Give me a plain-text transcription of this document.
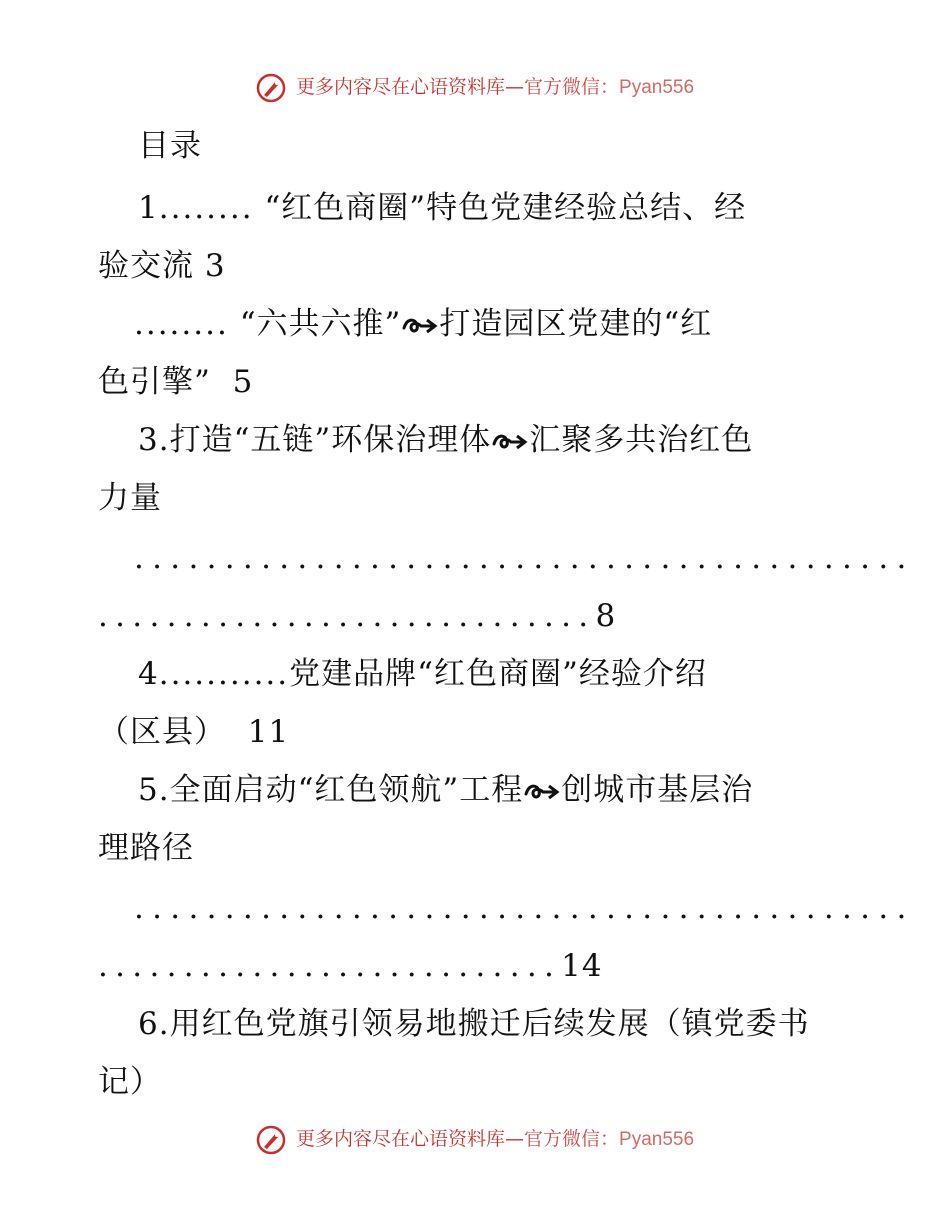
更多内容尽在心语资料库—官方微信：Pyan556
目录
1........ “红色商圈”特色党建经验总结、经
验交流 3
........ “六共六推” 打造园区党建的“红
色引擎” 5
3.打造“五链”环保治理体 汇聚多共治红色
力量
...........................................
.............................8
4...........党建品牌“红色商圈”经验介绍
（区县） 11
5.全面启动“红色领航”工程 创城市基层治
理路径
...........................................
...........................14
6.用红色党旗引领易地搬迁后续发展（镇党委书
记）
更多内容尽在心语资料库—官方微信：Pyan556
